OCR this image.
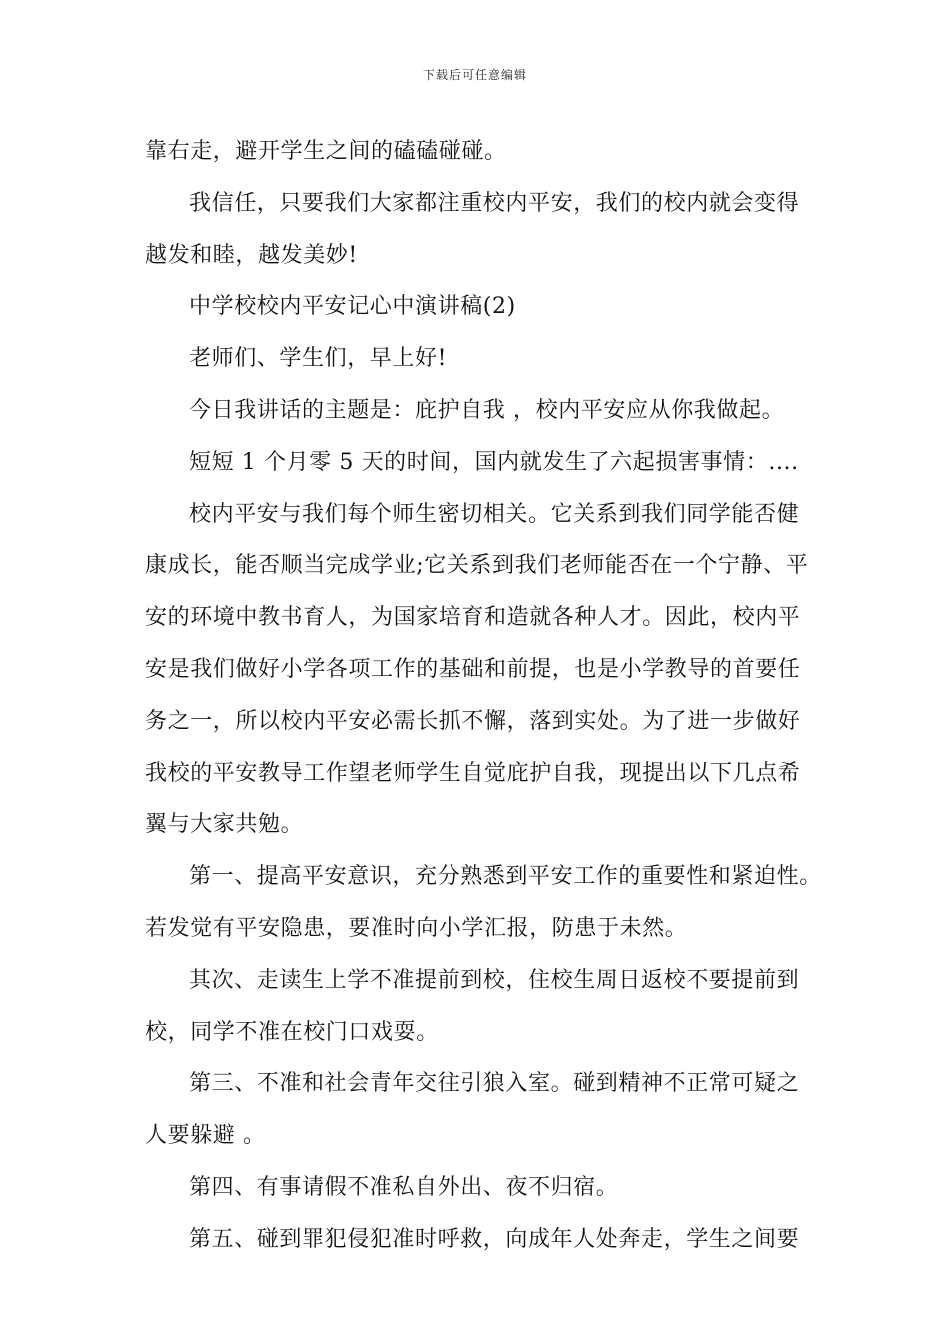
下载后可任意编辑
靠右走，避开学生之间的磕磕碰碰。
我信任，只要我们大家都注重校内平安，我们的校内就会变得
越发和睦，越发美妙!
中学校校内平安记心中演讲稿(2)
老师们、学生们，早上好!
今日我讲话的主题是：庇护自我 ，校内平安应从你我做起。
短短 1 个月零 5 天的时间，国内就发生了六起损害事情：....
校内平安与我们每个师生密切相关。它关系到我们同学能否健
康成长，能否顺当完成学业;它关系到我们老师能否在一个宁静、平
安的环境中教书育人，为国家培育和造就各种人才。因此，校内平
安是我们做好小学各项工作的基础和前提，也是小学教导的首要任
务之一，所以校内平安必需长抓不懈，落到实处。为了进一步做好
我校的平安教导工作望老师学生自觉庇护自我，现提出以下几点希
翼与大家共勉。
第一、提高平安意识，充分熟悉到平安工作的重要性和紧迫性。
若发觉有平安隐患，要准时向小学汇报，防患于未然。
其次、走读生上学不准提前到校，住校生周日返校不要提前到
校，同学不准在校门口戏耍。
第三、不准和社会青年交往引狼入室。碰到精神不正常可疑之
人要躲避 。
第四、有事请假不准私自外出、夜不归宿。
第五、碰到罪犯侵犯准时呼救，向成年人处奔走，学生之间要
